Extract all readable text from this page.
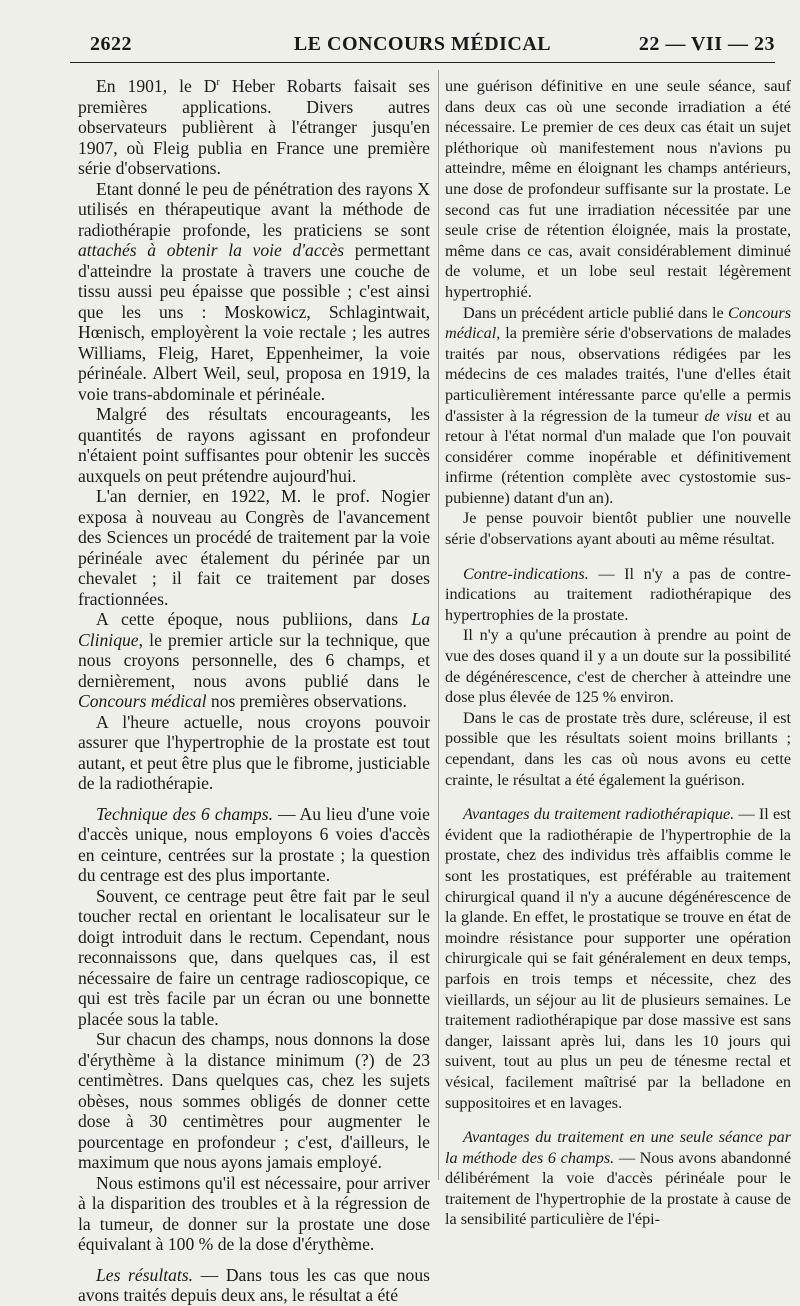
2622	LE CONCOURS MÉDICAL	22 — VII — 23

En 1901, le $D^r$ Heber Robarts faisait ses premières applications. Divers autres observateurs publièrent à l'étranger jusqu'en 1907, où Fleig publia en France une première série d'observations.

Etant donné le peu de pénétration des rayons X utilisés en thérapeutique avant la méthode de radiothérapie profonde, les praticiens se sont attachés à obtenir la voie d'accès permettant d'atteindre la prostate à travers une couche de tissu aussi peu épaisse que possible ; c'est ainsi que les uns : Moskowicz, Schlagintwait, Hœnisch, employèrent la voie rectale ; les autres Williams, Fleig, Haret, Eppenheimer, la voie périnéale. Albert Weil, seul, proposa en 1919, la voie trans-abdominale et périnéale.

Malgré des résultats encourageants, les quantités de rayons agissant en profondeur n'étaient point suffisantes pour obtenir les succès auxquels on peut prétendre aujourd'hui.

L'an dernier, en 1922, M. le prof. Nogier exposa à nouveau au Congrès de l'avancement des Sciences un procédé de traitement par la voie périnéale avec étalement du périnée par un chevalet ; il fait ce traitement par doses fractionnées.

A cette époque, nous publiions, dans La Clinique, le premier article sur la technique, que nous croyons personnelle, des 6 champs, et dernièrement, nous avons publié dans le Concours médical nos premières observations.

A l'heure actuelle, nous croyons pouvoir assurer que l'hypertrophie de la prostate est tout autant, et peut être plus que le fibrome, justiciable de la radiothérapie.

Technique des 6 champs. — Au lieu d'une voie d'accès unique, nous employons 6 voies d'accès en ceinture, centrées sur la prostate ; la question du centrage est des plus importante.

Souvent, ce centrage peut être fait par le seul toucher rectal en orientant le localisateur sur le doigt introduit dans le rectum. Cependant, nous reconnaissons que, dans quelques cas, il est nécessaire de faire un centrage radioscopique, ce qui est très facile par un écran ou une bonnette placée sous la table.

Sur chacun des champs, nous donnons la dose d'érythème à la distance minimum (?) de 23 centimètres. Dans quelques cas, chez les sujets obèses, nous sommes obligés de donner cette dose à 30 centimètres pour augmenter le pourcentage en profondeur ; c'est, d'ailleurs, le maximum que nous ayons jamais employé.

Nous estimons qu'il est nécessaire, pour arriver à la disparition des troubles et à la régression de la tumeur, de donner sur la prostate une dose équivalant à 100 % de la dose d'érythème.

Les résultats. — Dans tous les cas que nous avons traités depuis deux ans, le résultat a été

une guérison définitive en une seule séance, sauf dans deux cas où une seconde irradiation a été nécessaire. Le premier de ces deux cas était un sujet pléthorique où manifestement nous n'avions pu atteindre, même en éloignant les champs antérieurs, une dose de profondeur suffisante sur la prostate. Le second cas fut une irradiation nécessitée par une seule crise de rétention éloignée, mais la prostate, même dans ce cas, avait considérablement diminué de volume, et un lobe seul restait légèrement hypertrophié.

Dans un précédent article publié dans le Concours médical, la première série d'observations de malades traités par nous, observations rédigées par les médecins de ces malades traités, l'une d'elles était particulièrement intéressante parce qu'elle a permis d'assister à la régression de la tumeur de visu et au retour à l'état normal d'un malade que l'on pouvait considérer comme inopérable et définitivement infirme (rétention complète avec cystostomie sus-pubienne) datant d'un an).

Je pense pouvoir bientôt publier une nouvelle série d'observations ayant abouti au même résultat.

Contre-indications. — Il n'y a pas de contre-indications au traitement radiothérapique des hypertrophies de la prostate.

Il n'y a qu'une précaution à prendre au point de vue des doses quand il y a un doute sur la possibilité de dégénérescence, c'est de chercher à atteindre une dose plus élevée de 125 % environ.

Dans le cas de prostate très dure, scléreuse, il est possible que les résultats soient moins brillants ; cependant, dans les cas où nous avons eu cette crainte, le résultat a été également la guérison.

Avantages du traitement radiothérapique. — Il est évident que la radiothérapie de l'hypertrophie de la prostate, chez des individus très affaiblis comme le sont les prostatiques, est préférable au traitement chirurgical quand il n'y a aucune dégénérescence de la glande. En effet, le prostatique se trouve en état de moindre résistance pour supporter une opération chirurgicale qui se fait généralement en deux temps, parfois en trois temps et nécessite, chez des vieillards, un séjour au lit de plusieurs semaines. Le traitement radiothérapique par dose massive est sans danger, laissant après lui, dans les 10 jours qui suivent, tout au plus un peu de ténesme rectal et vésical, facilement maîtrisé par la belladone en suppositoires et en lavages.

Avantages du traitement en une seule séance par la méthode des 6 champs. — Nous avons abandonné délibérément la voie d'accès périnéale pour le traitement de l'hypertrophie de la prostate à cause de la sensibilité particulière de l'épi-
